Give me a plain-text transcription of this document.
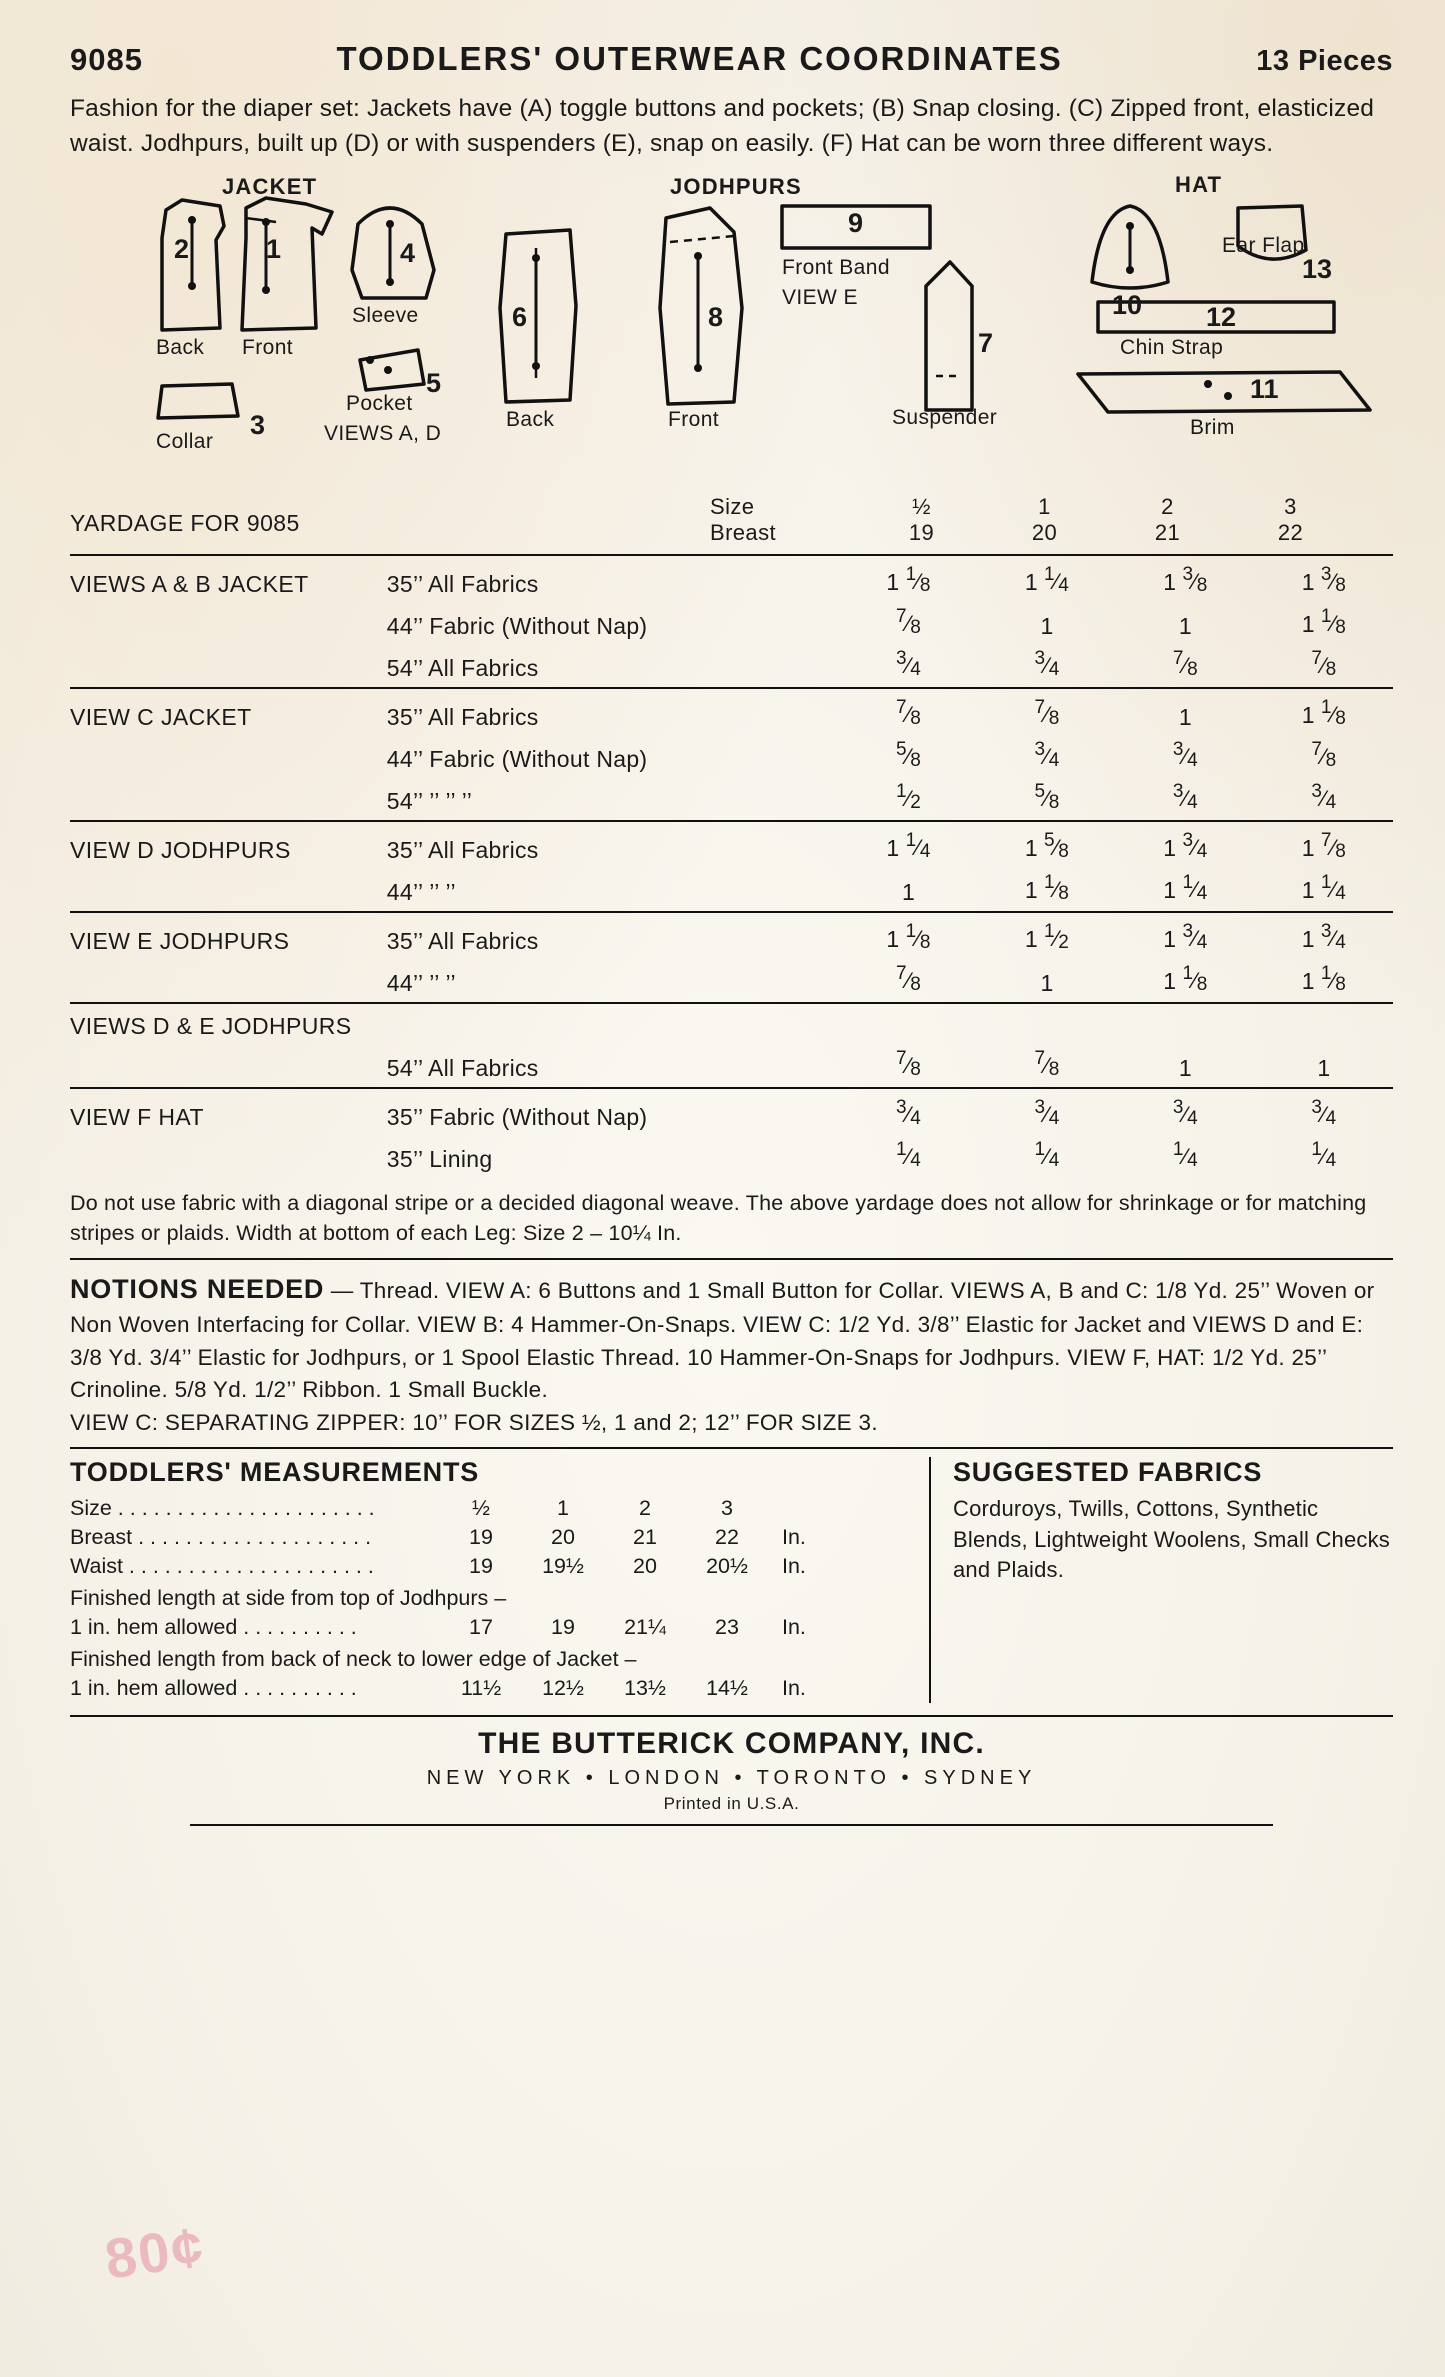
9085	TODDLERS' OUTERWEAR COORDINATES	13 Pieces
Fashion for the diaper set: Jackets have (A) toggle buttons and pockets; (B) Snap closing. (C) Zipped front, elasticized waist. Jodhpurs, built up (D) or with suspenders (E), snap on easily. (F) Hat can be worn three different ways.
JACKET	JODHPURS	HAT
2	1	4
3
5
6	8
9
7
10
13
12
11
Collar
Back Front
Sleeve
Pocket
VIEWS A, D
Back	Front
Front Band
VIEW E
Suspender
Ear Flap
Chin Strap
Brim
YARDAGE FOR 9085
Size	½	1	2	3
Breast	19	20	21	22
VIEWS A & B JACKET	35’’ All Fabrics	1 $^1$⁄8	1 $^1$⁄4	1 $^3$⁄8	1 $^3$⁄8
	44’’ Fabric (Without Nap)	$^7$⁄8	1	1	1 $^1$⁄8
	54’’ All Fabrics	$^3$⁄4	$^3$⁄4	$^7$⁄8	$^7$⁄8
VIEW C JACKET	35’’ All Fabrics	$^7$⁄8	$^7$⁄8	1	1 $^1$⁄8
	44’’ Fabric (Without Nap)	$^5$⁄8	$^3$⁄4	$^3$⁄4	$^7$⁄8
	54’’ ’’ ’’ ’’	$^1$⁄2	$^5$⁄8	$^3$⁄4	$^3$⁄4
VIEW D JODHPURS	35’’ All Fabrics	1 $^1$⁄4	1 $^5$⁄8	1 $^3$⁄4	1 $^7$⁄8
	44’’ ’’ ’’	1	1 $^1$⁄8	1 $^1$⁄4	1 $^1$⁄4
VIEW E JODHPURS	35’’ All Fabrics	1 $^1$⁄8	1 $^1$⁄2	1 $^3$⁄4	1 $^3$⁄4
	44’’ ’’ ’’	$^7$⁄8	1	1 $^1$⁄8	1 $^1$⁄8
VIEWS D & E JODHPURS					
	54’’ All Fabrics	$^7$⁄8	$^7$⁄8	1	1
VIEW F HAT	35’’ Fabric (Without Nap)	$^3$⁄4	$^3$⁄4	$^3$⁄4	$^3$⁄4
	35’’ Lining	$^1$⁄4	$^1$⁄4	$^1$⁄4	$^1$⁄4
Do not use fabric with a diagonal stripe or a decided diagonal weave. The above yardage does not allow for shrinkage or for matching stripes or plaids. Width at bottom of each Leg: Size 2 – 10¼ In.
NOTIONS NEEDED — Thread. VIEW A: 6 Buttons and 1 Small Button for Collar. VIEWS A, B and C: 1/8 Yd. 25’’ Woven or Non Woven Interfacing for Collar. VIEW B: 4 Hammer-On-Snaps. VIEW C: 1/2 Yd. 3/8’’ Elastic for Jacket and VIEWS D and E: 3/8 Yd. 3/4’’ Elastic for Jodhpurs, or 1 Spool Elastic Thread. 10 Hammer-On-Snaps for Jodhpurs. VIEW F, HAT: 1/2 Yd. 25’’ Crinoline. 5/8 Yd. 1/2’’ Ribbon. 1 Small Buckle.
VIEW C: SEPARATING ZIPPER: 10’’ FOR SIZES ½, 1 and 2; 12’’ FOR SIZE 3.
TODDLERS' MEASUREMENTS
Size . . . . . . . . . . . . . . . . . . . . . .	½	1	2	3
Breast . . . . . . . . . . . . . . . . . . . .	19	20	21	22	In.
Waist . . . . . . . . . . . . . . . . . . . . .	19	19½	20	20½	In.
Finished length at side from top of Jodhpurs –
1 in. hem allowed . . . . . . . . . .	17	19	21¼	23	In.
Finished length from back of neck to lower edge of Jacket –
1 in. hem allowed . . . . . . . . . .	11½	12½	13½	14½	In.
SUGGESTED FABRICS
Corduroys, Twills, Cottons, Synthetic Blends, Lightweight Woolens, Small Checks and Plaids.
THE BUTTERICK COMPANY, INC.
NEW YORK • LONDON • TORONTO • SYDNEY
Printed in U.S.A.
80¢
